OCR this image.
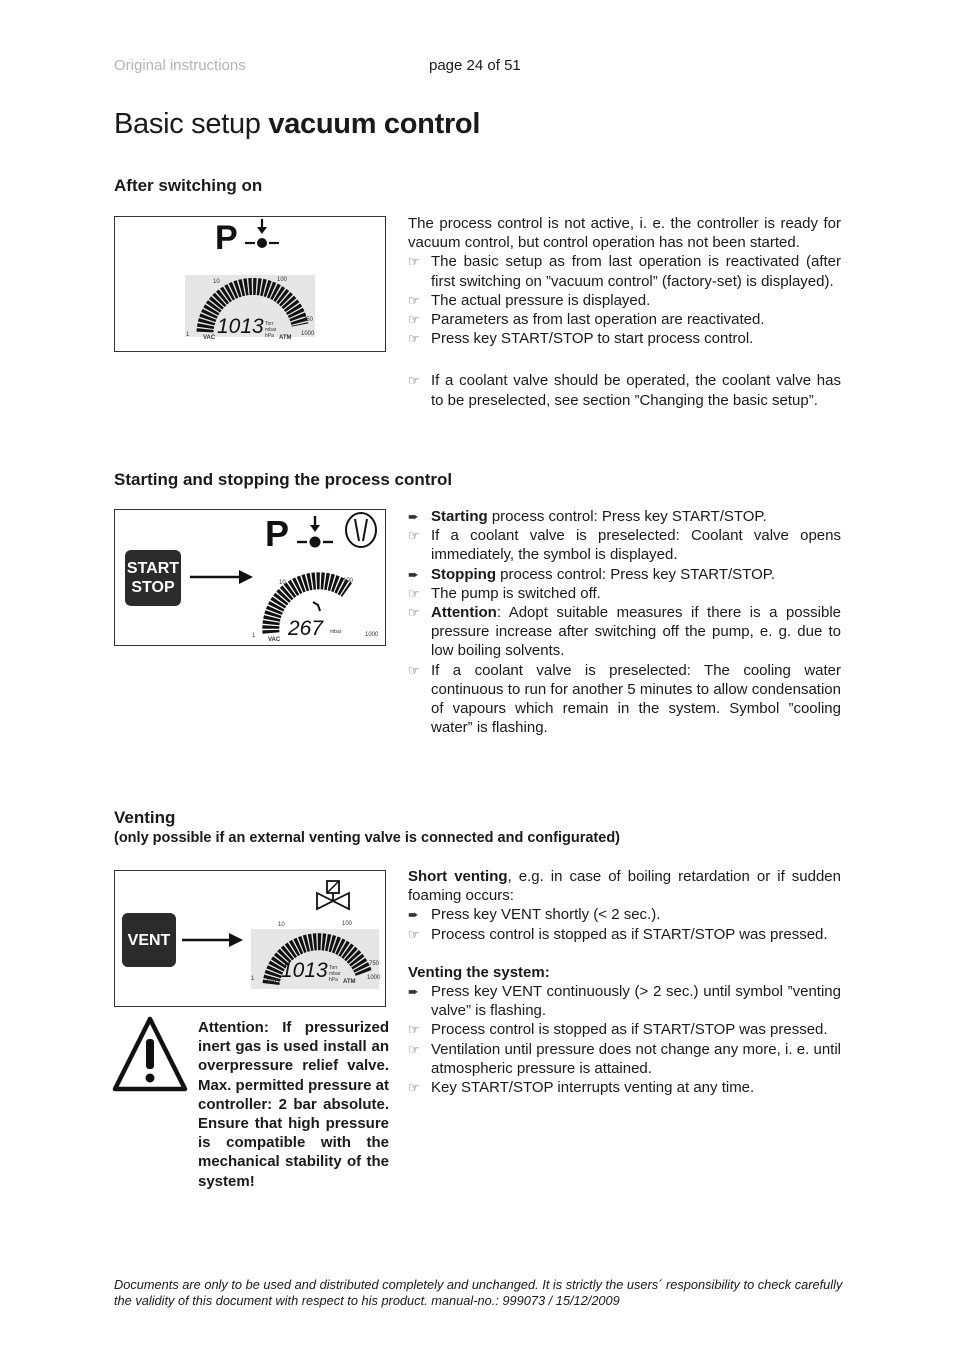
Original instructions	page 24 of 51
Basic setup vacuum control
After switching on
P
10	100
1
750
1000
VAC	ATM
1013 Torr
mbar
hPa

The process control is not active, i. e. the controller is ready for vacuum control, but control operation has not been started.

☞ The basic setup as from last operation is reactivated (after first switching on ”vacuum control” (factory-set) is displayed).
☞ The actual pressure is displayed.
☞ Parameters as from last operation are reactivated.
☞ Press key START/STOP to start process control.
☞ If a coolant valve should be operated, the coolant valve has to be preselected, see section ”Changing the basic setup”.
Starting and stopping the process control
START
STOP
P
10	100
1	1000
VAC 267 mbar
➨ Starting process control: Press key START/STOP.
☞ If a coolant valve is preselected: Coolant valve opens immediately, the symbol is displayed.
➨ Stopping process control: Press key START/STOP.
☞ The pump is switched off.
☞ Attention: Adopt suitable measures if there is a possible pressure increase after switching off the pump, e. g. due to low boiling solvents.
☞ If a coolant valve is preselected: The cooling water continuous to run for another 5 minutes to allow condensation of vapours which remain in the system. Symbol ”cooling water” is flashing.
Venting
(only possible if an external venting valve is connected and configurated)
VENT
10	100
1
750
1000
VAC	ATM
1013 Torr
mbar
hPa
Attention: If pressurized inert gas is used install an overpressure relief valve. Max. permitted pressure at controller: 2 bar absolute. Ensure that high pressure is compatible with the mechanical stability of the system!

Short venting, e.g. in case of boiling retardation or if sudden foaming occurs:

➨ Press key VENT shortly (< 2 sec.).
☞ Process control is stopped as if START/STOP was pressed.

Venting the system:

➨ Press key VENT continuously (> 2 sec.) until symbol ”venting valve” is flashing.
☞ Process control is stopped as if START/STOP was pressed.
☞ Ventilation until pressure does not change any more, i. e. until atmospheric pressure is attained.
☞ Key START/STOP interrupts venting at any time.
Documents are only to be used and distributed completely and unchanged. It is strictly the users´ responsibility to check carefully the validity of this document with respect to his product. manual-no.: 999073 / 15/12/2009
